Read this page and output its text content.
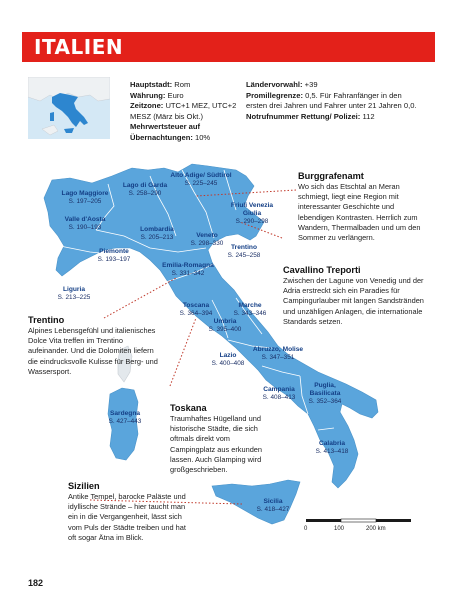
ITALIEN
Hauptstadt: Rom
Währung: Euro
Zeitzone: UTC+1 MEZ, UTC+2 MESZ (März bis Okt.)
Mehrwertsteuer auf Übernachtungen: 10%
Ländervorwahl: +39
Promillegrenze: 0,5. Für Fahranfänger in den ersten drei Jahren und Fahrer unter 21 Jahren 0,0.
Notrufnummer Rettung/ Polizei: 112
Alto Adige/ Südtirol
S. 225–245
Lago di Garda
S. 258–290
Lago Maggiore
S. 197–205
Friuli Venezia Giulia
S. 290–298
Valle d'Aosta
S. 190–193	Lombardia
S. 205–213	Veneto
S. 298–330
Trentino
S. 245–258
Piemonte
S. 193–197
Emilia-Romagna
S. 331–342
Liguria
S. 213–225
Toscana
S. 364–394
Marche
S. 343–346
Umbria
S. 395–400
Lazio
S. 400–408
Abruzzo, Molise
S. 347–351
Campania
S. 408–413
Puglia, Basilicata
S. 352–364
Sardegna
S. 427–443
Calabria
S. 413–418
Sicilia
S. 418–427
Burggrafenamt
Wo sich das Etschtal an Meran schmiegt, liegt eine Region mit interessanter Geschichte und lebendigen Kontrasten. Herrlich zum Wandern, Thermalbaden und um den Sommer zu verlängern.
Cavallino Treporti
Zwischen der Lagune von Venedig und der Adria erstreckt sich ein Paradies für Campingurlauber mit langen Sandstränden und unzähligen Anlagen, die internationale Standards setzen.
Trentino
Alpines Lebensgefühl und italienisches Dolce Vita treffen im Trentino aufeinander. Und die Dolomiten liefern die eindrucksvolle Kulisse für Berg- und Wassersport.
Toskana
Traumhaftes Hügelland und historische Städte, die sich oftmals direkt vom Campingplatz aus erkunden lassen. Auch Glamping wird großgeschrieben.
Sizilien
Antike Tempel, barocke Paläste und idyllische Strände – hier taucht man ein in die Vergangenheit, lässt sich vom Puls der Städte treiben und hat oft sogar Ätna im Blick.
0	100	200 km
182
